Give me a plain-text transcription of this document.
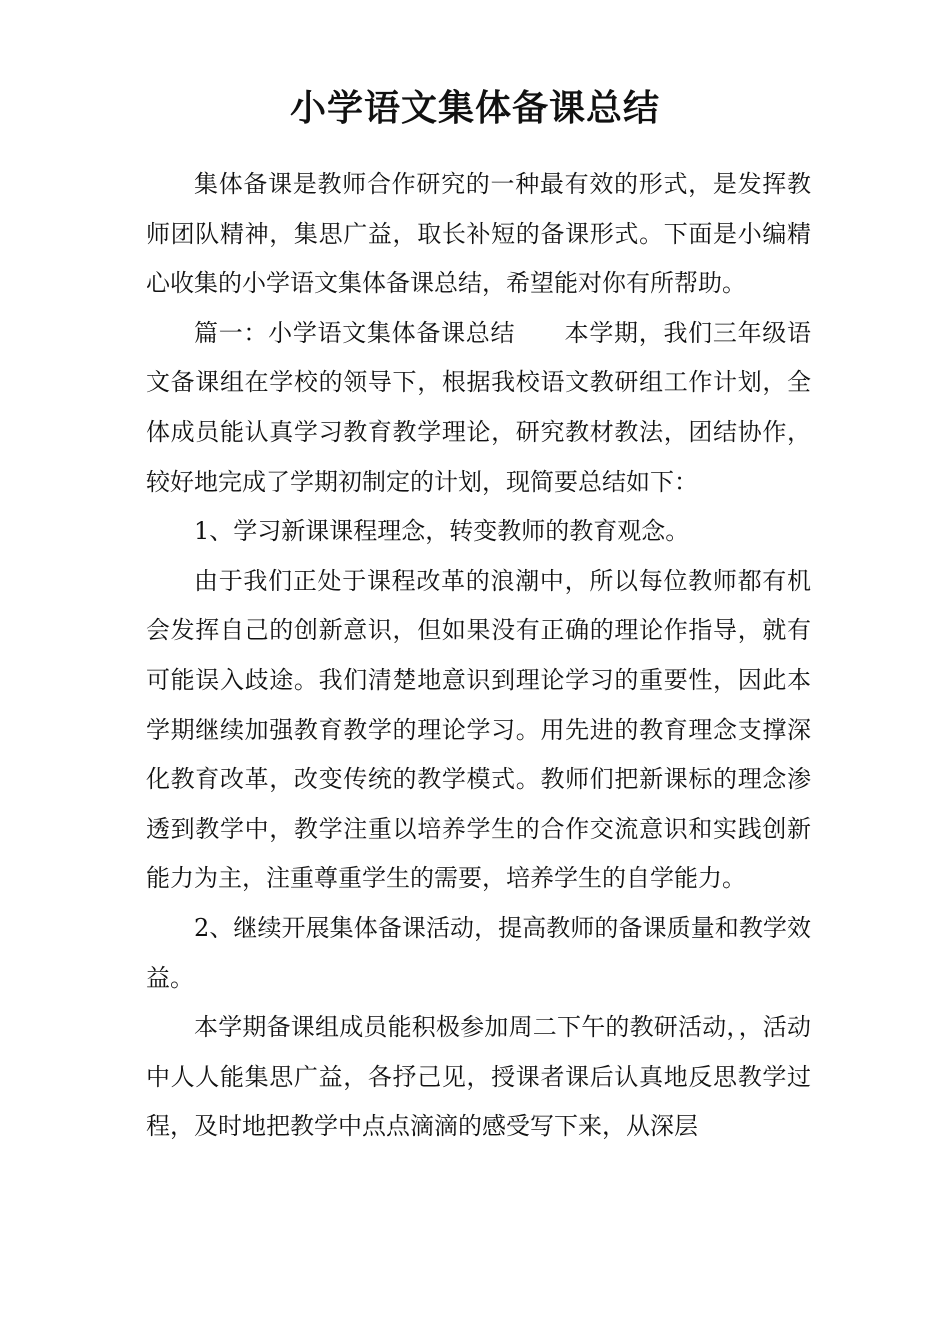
小学语文集体备课总结

集体备课是教师合作研究的一种最有效的形式，是发挥教师团队精神，集思广益，取长补短的备课形式。下面是小编精心收集的小学语文集体备课总结，希望能对你有所帮助。

篇一：小学语文集体备课总结　　本学期，我们三年级语文备课组在学校的领导下，根据我校语文教研组工作计划，全体成员能认真学习教育教学理论，研究教材教法，团结协作，较好地完成了学期初制定的计划，现简要总结如下：

1、学习新课课程理念，转变教师的教育观念。

由于我们正处于课程改革的浪潮中，所以每位教师都有机会发挥自己的创新意识，但如果没有正确的理论作指导，就有可能误入歧途。我们清楚地意识到理论学习的重要性，因此本学期继续加强教育教学的理论学习。用先进的教育理念支撑深化教育改革，改变传统的教学模式。教师们把新课标的理念渗透到教学中，教学注重以培养学生的合作交流意识和实践创新能力为主，注重尊重学生的需要，培养学生的自学能力。

2、继续开展集体备课活动，提高教师的备课质量和教学效益。

本学期备课组成员能积极参加周二下午的教研活动，，活动中人人能集思广益，各抒己见，授课者课后认真地反思教学过程，及时地把教学中点点滴滴的感受写下来，从深层
